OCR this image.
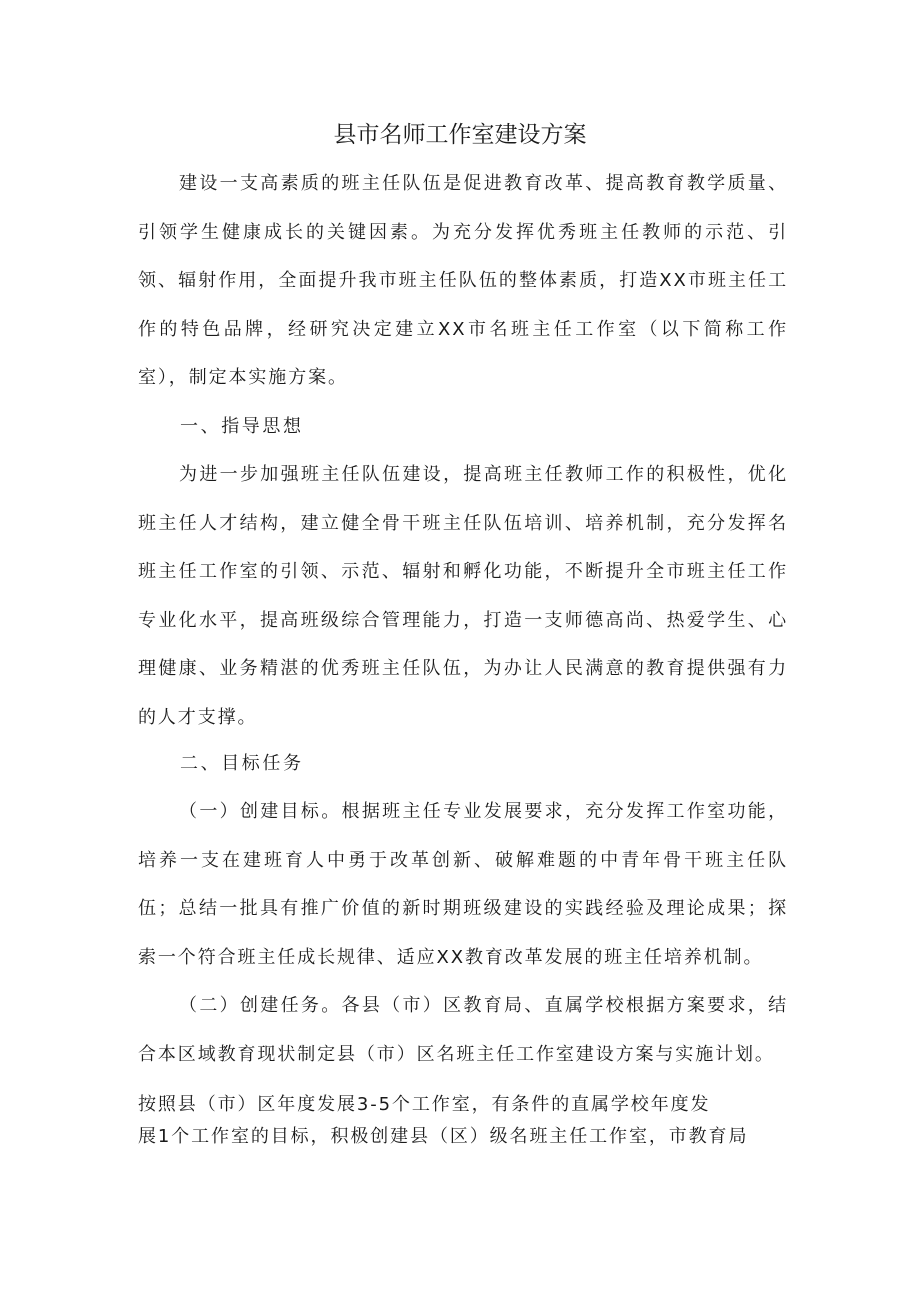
县市名师工作室建设方案

建设一支高素质的班主任队伍是促进教育改革、提高教育教学质量、引领学生健康成长的关键因素。为充分发挥优秀班主任教师的示范、引领、辐射作用，全面提升我市班主任队伍的整体素质，打造XX市班主任工作的特色品牌，经研究决定建立XX市名班主任工作室（以下简称工作室），制定本实施方案。

一、指导思想

为进一步加强班主任队伍建设，提高班主任教师工作的积极性，优化班主任人才结构，建立健全骨干班主任队伍培训、培养机制，充分发挥名班主任工作室的引领、示范、辐射和孵化功能，不断提升全市班主任工作专业化水平，提高班级综合管理能力，打造一支师德高尚、热爱学生、心理健康、业务精湛的优秀班主任队伍，为办让人民满意的教育提供强有力的人才支撑。

二、目标任务

（一）创建目标。根据班主任专业发展要求，充分发挥工作室功能，培养一支在建班育人中勇于改革创新、破解难题的中青年骨干班主任队伍；总结一批具有推广价值的新时期班级建设的实践经验及理论成果；探索一个符合班主任成长规律、适应XX教育改革发展的班主任培养机制。

（二）创建任务。各县（市）区教育局、直属学校根据方案要求，结合本区域教育现状制定县（市）区名班主任工作室建设方案与实施计划。

按照县（市）区年度发展3-5个工作室，有条件的直属学校年度发

展1个工作室的目标，积极创建县（区）级名班主任工作室，市教育局
